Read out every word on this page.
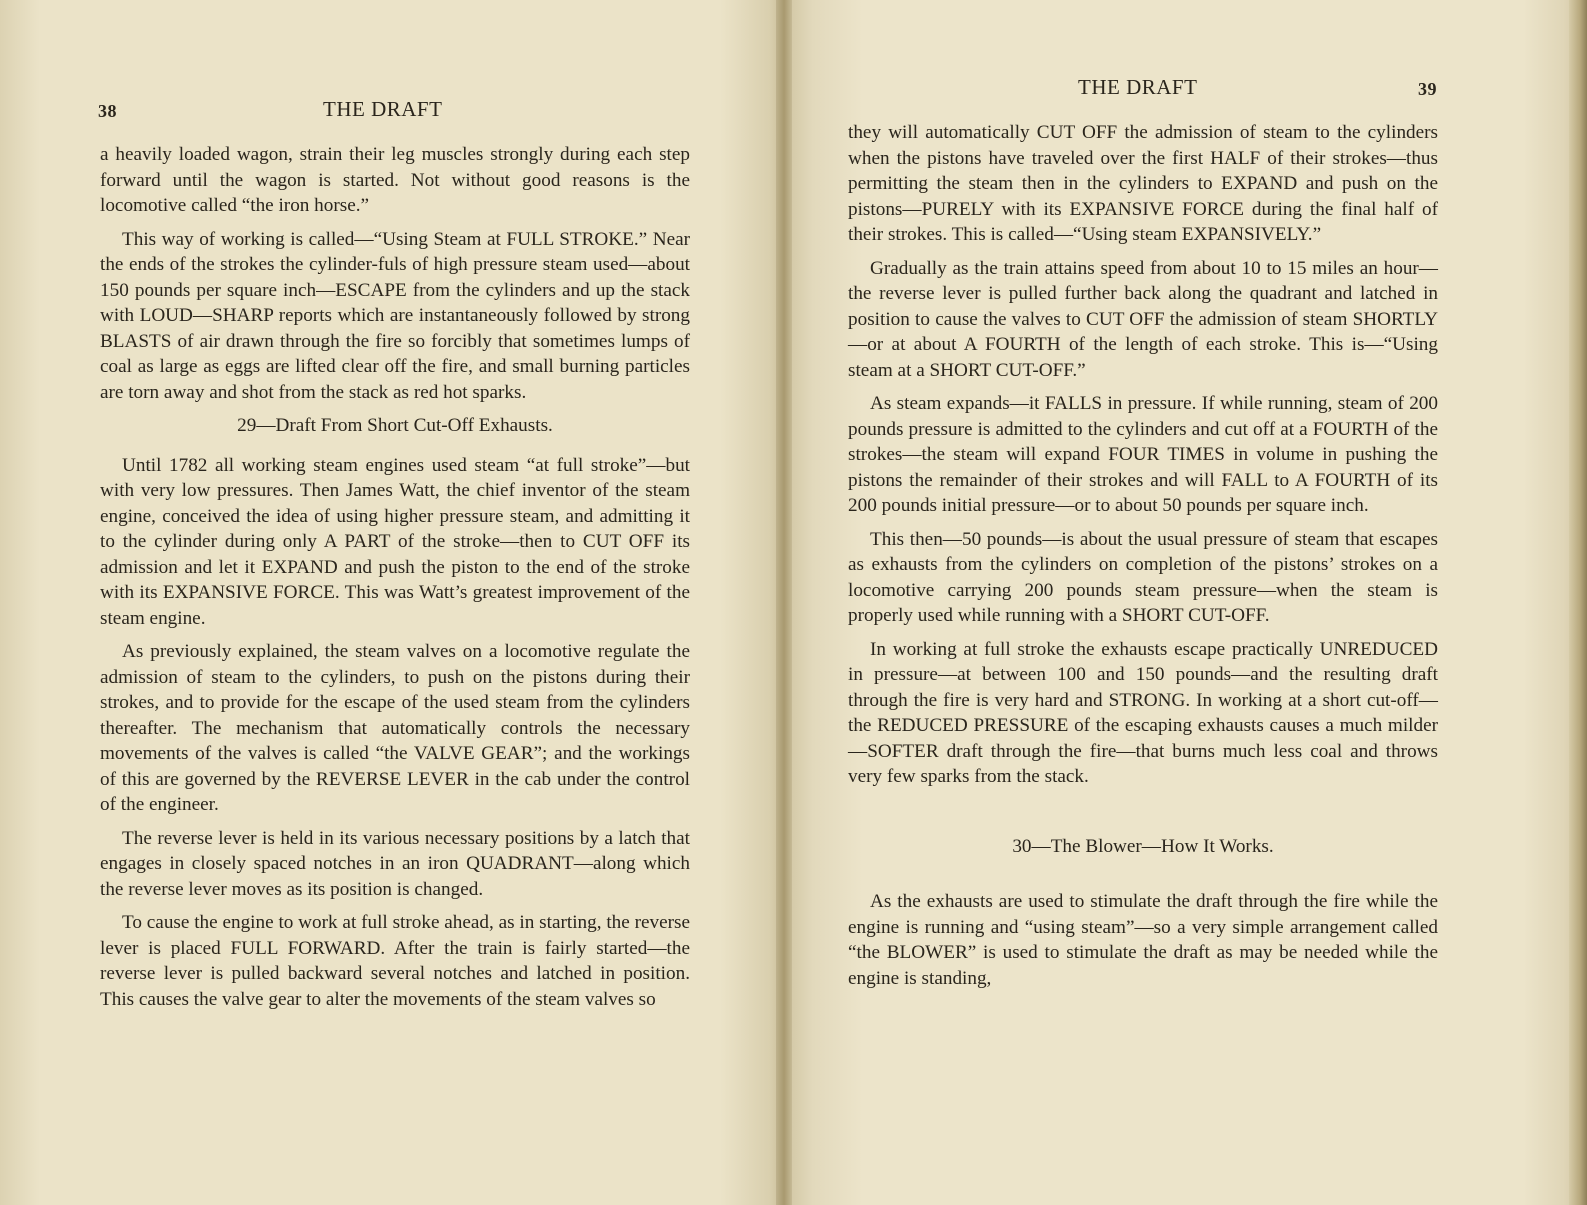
38	THE DRAFT

a heavily loaded wagon, strain their leg muscles strongly during each step forward until the wagon is started. Not without good reasons is the locomotive called “the iron horse.”

This way of working is called—“Using Steam at FULL STROKE.” Near the ends of the strokes the cylinder-fuls of high pressure steam used—about 150 pounds per square inch—ESCAPE from the cylinders and up the stack with LOUD—SHARP reports which are instantaneously followed by strong BLASTS of air drawn through the fire so forcibly that sometimes lumps of coal as large as eggs are lifted clear off the fire, and small burning particles are torn away and shot from the stack as red hot sparks.

29—Draft From Short Cut-Off Exhausts.

Until 1782 all working steam engines used steam “at full stroke”—but with very low pressures. Then James Watt, the chief inventor of the steam engine, conceived the idea of using higher pressure steam, and admitting it to the cylinder during only A PART of the stroke—then to CUT OFF its admission and let it EXPAND and push the piston to the end of the stroke with its EXPANSIVE FORCE. This was Watt’s greatest improvement of the steam engine.

As previously explained, the steam valves on a locomotive regulate the admission of steam to the cylinders, to push on the pistons during their strokes, and to provide for the escape of the used steam from the cylinders thereafter. The mechanism that automatically controls the necessary movements of the valves is called “the VALVE GEAR”; and the workings of this are governed by the REVERSE LEVER in the cab under the control of the engineer.

The reverse lever is held in its various necessary positions by a latch that engages in closely spaced notches in an iron QUADRANT—along which the reverse lever moves as its position is changed.

To cause the engine to work at full stroke ahead, as in starting, the reverse lever is placed FULL FORWARD. After the train is fairly started—the reverse lever is pulled backward several notches and latched in position. This causes the valve gear to alter the movements of the steam valves so

THE DRAFT	39

they will automatically CUT OFF the admission of steam to the cylinders when the pistons have traveled over the first HALF of their strokes—thus permitting the steam then in the cylinders to EXPAND and push on the pistons—PURELY with its EXPANSIVE FORCE during the final half of their strokes. This is called—“Using steam EXPANSIVELY.”

Gradually as the train attains speed from about 10 to 15 miles an hour—the reverse lever is pulled further back along the quadrant and latched in position to cause the valves to CUT OFF the admission of steam SHORTLY—or at about A FOURTH of the length of each stroke. This is—“Using steam at a SHORT CUT-OFF.”

As steam expands—it FALLS in pressure. If while running, steam of 200 pounds pressure is admitted to the cylinders and cut off at a FOURTH of the strokes—the steam will expand FOUR TIMES in volume in pushing the pistons the remainder of their strokes and will FALL to A FOURTH of its 200 pounds initial pressure—or to about 50 pounds per square inch.

This then—50 pounds—is about the usual pressure of steam that escapes as exhausts from the cylinders on completion of the pistons’ strokes on a locomotive carrying 200 pounds steam pressure—when the steam is properly used while running with a SHORT CUT-OFF.

In working at full stroke the exhausts escape practically UNREDUCED in pressure—at between 100 and 150 pounds—and the resulting draft through the fire is very hard and STRONG. In working at a short cut-off—the REDUCED PRESSURE of the escaping exhausts causes a much milder—SOFTER draft through the fire—that burns much less coal and throws very few sparks from the stack.

30—The Blower—How It Works.

As the exhausts are used to stimulate the draft through the fire while the engine is running and “using steam”—so a very simple arrangement called “the BLOWER” is used to stimulate the draft as may be needed while the engine is standing,
